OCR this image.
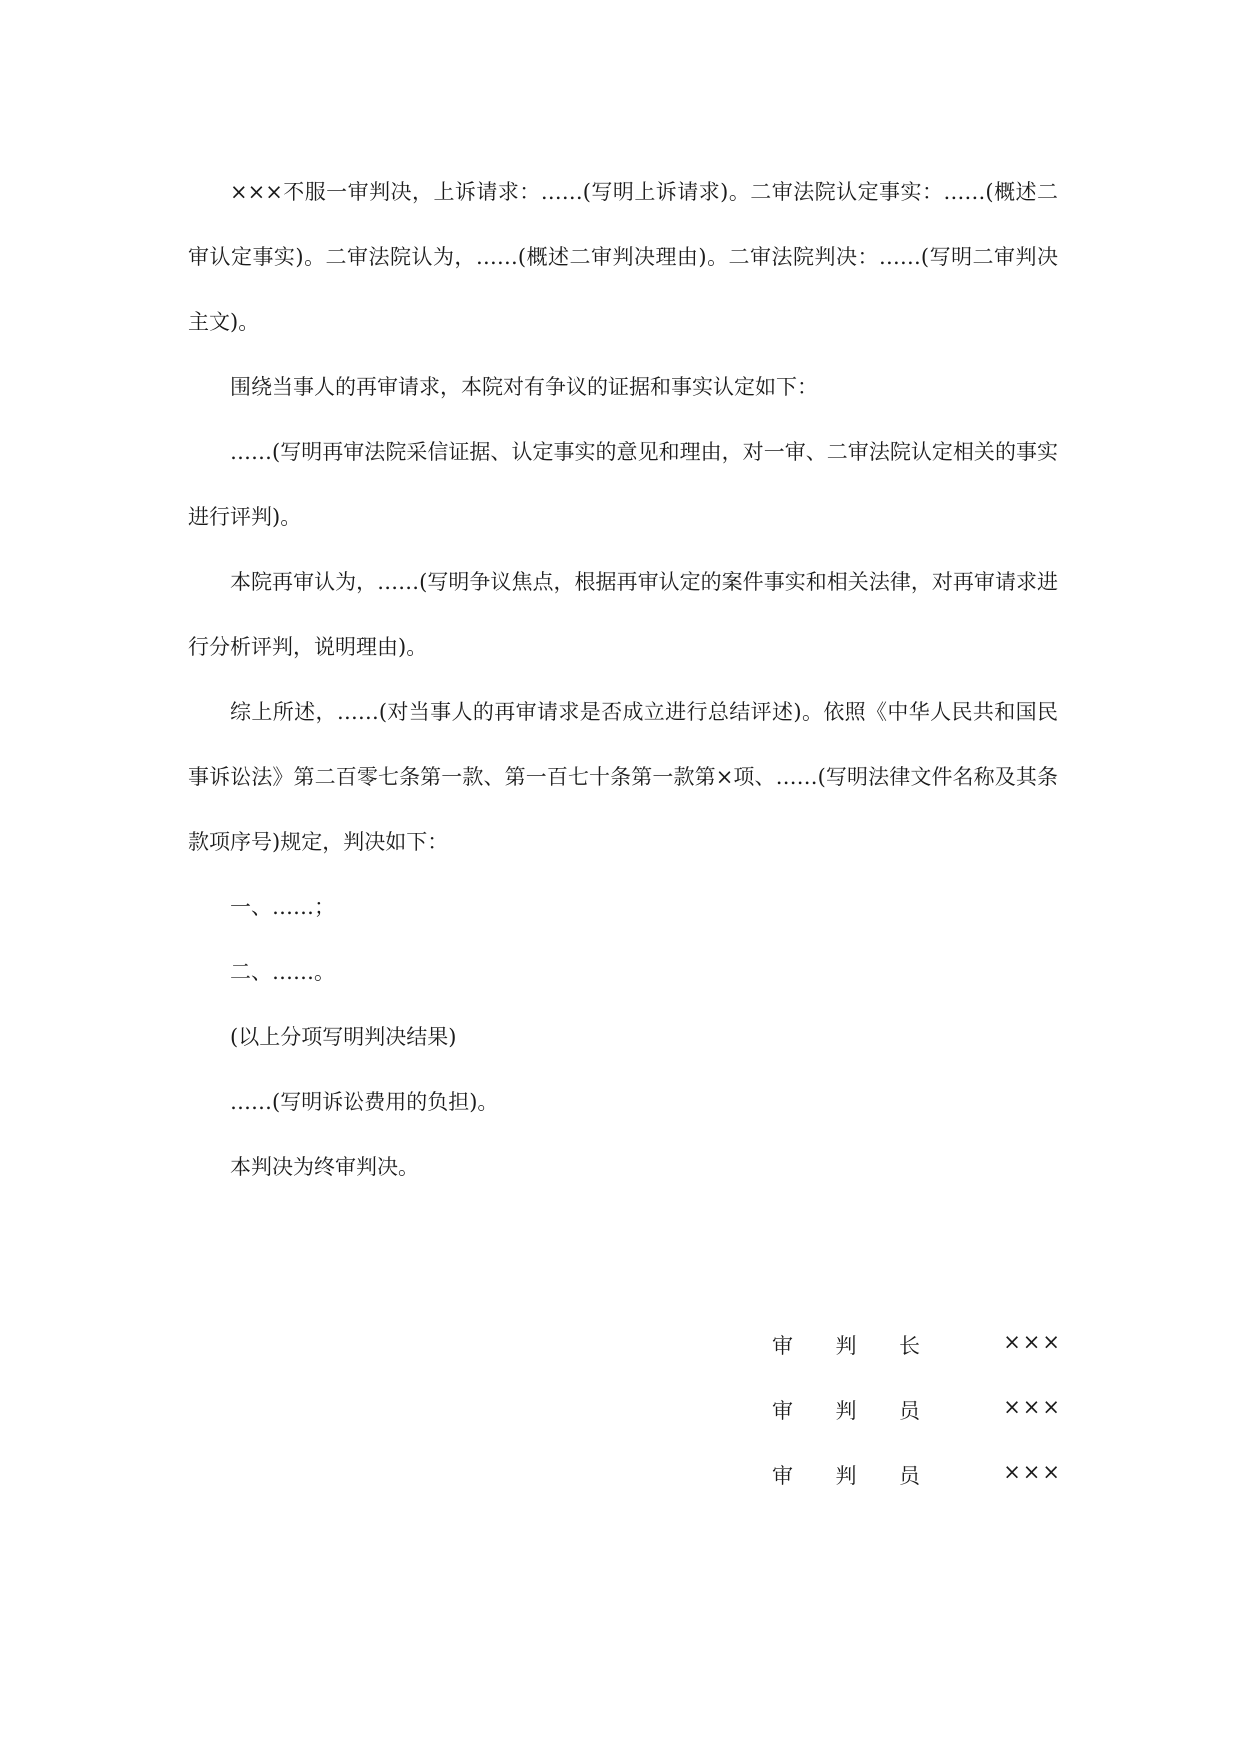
×××不服一审判决，上诉请求：……(写明上诉请求)。二审法院认定事实：……(概述二审认定事实)。二审法院认为，……(概述二审判决理由)。二审法院判决：……(写明二审判决主文)。

围绕当事人的再审请求，本院对有争议的证据和事实认定如下：

……(写明再审法院采信证据、认定事实的意见和理由，对一审、二审法院认定相关的事实进行评判)。

本院再审认为，……(写明争议焦点，根据再审认定的案件事实和相关法律，对再审请求进行分析评判，说明理由)。

综上所述，……(对当事人的再审请求是否成立进行总结评述)。依照《中华人民共和国民事诉讼法》第二百零七条第一款、第一百七十条第一款第×项、……(写明法律文件名称及其条款项序号)规定，判决如下：

一、……；

二、……。

(以上分项写明判决结果)

……(写明诉讼费用的负担)。

本判决为终审判决。

审 判 长	×××
审 判 员	×××
审 判 员	×××
